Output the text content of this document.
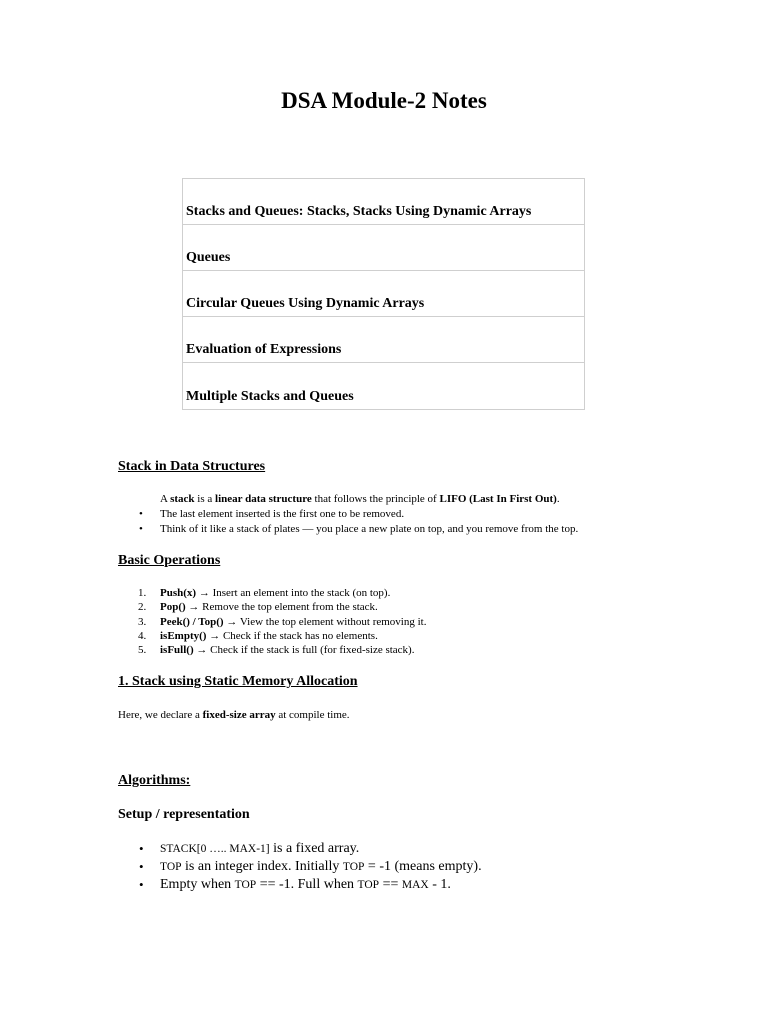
DSA Module-2 Notes
Stacks and Queues: Stacks, Stacks Using Dynamic Arrays
Queues
Circular Queues Using Dynamic Arrays
Evaluation of Expressions
Multiple Stacks and Queues
Stack in Data Structures
A stack is a linear data structure that follows the principle of LIFO (Last In First Out).
• The last element inserted is the first one to be removed.
• Think of it like a stack of plates — you place a new plate on top, and you remove from the top.
Basic Operations
1. Push(x) → Insert an element into the stack (on top).
2. Pop() → Remove the top element from the stack.
3. Peek() / Top() → View the top element without removing it.
4. isEmpty() → Check if the stack has no elements.
5. isFull() → Check if the stack is full (for fixed-size stack).
1. Stack using Static Memory Allocation
Here, we declare a fixed-size array at compile time.
Algorithms:
Setup / representation
• STACK[0 ….. MAX-1] is a fixed array.
• TOP is an integer index. Initially TOP = -1 (means empty).
• Empty when TOP == -1. Full when TOP == MAX - 1.
